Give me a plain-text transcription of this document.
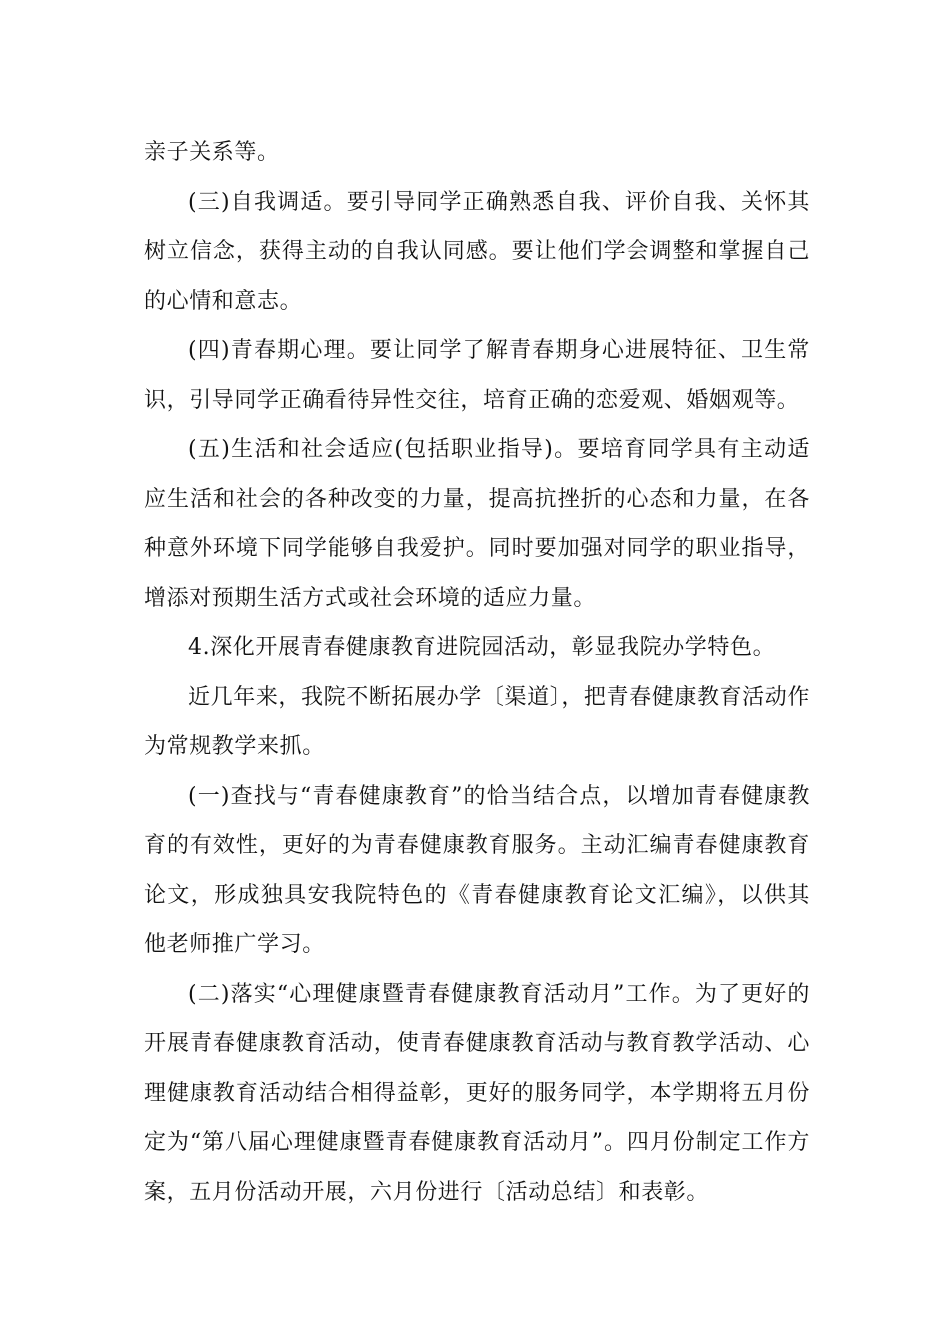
亲子关系等。

(三)自我调适。要引导同学正确熟悉自我、评价自我、关怀其树立信念，获得主动的自我认同感。要让他们学会调整和掌握自己的心情和意志。

(四)青春期心理。要让同学了解青春期身心进展特征、卫生常识，引导同学正确看待异性交往，培育正确的恋爱观、婚姻观等。

(五)生活和社会适应(包括职业指导)。要培育同学具有主动适应生活和社会的各种改变的力量，提高抗挫折的心态和力量，在各种意外环境下同学能够自我爱护。同时要加强对同学的职业指导，增添对预期生活方式或社会环境的适应力量。

4.深化开展青春健康教育进院园活动，彰显我院办学特色。

近几年来，我院不断拓展办学〔渠道〕，把青春健康教育活动作为常规教学来抓。

(一)查找与“青春健康教育”的恰当结合点，以增加青春健康教育的有效性，更好的为青春健康教育服务。主动汇编青春健康教育论文，形成独具安我院特色的《青春健康教育论文汇编》，以供其他老师推广学习。

(二)落实“心理健康暨青春健康教育活动月”工作。为了更好的开展青春健康教育活动，使青春健康教育活动与教育教学活动、心理健康教育活动结合相得益彰，更好的服务同学，本学期将五月份定为“第八届心理健康暨青春健康教育活动月”。四月份制定工作方案，五月份活动开展，六月份进行〔活动总结〕和表彰。
